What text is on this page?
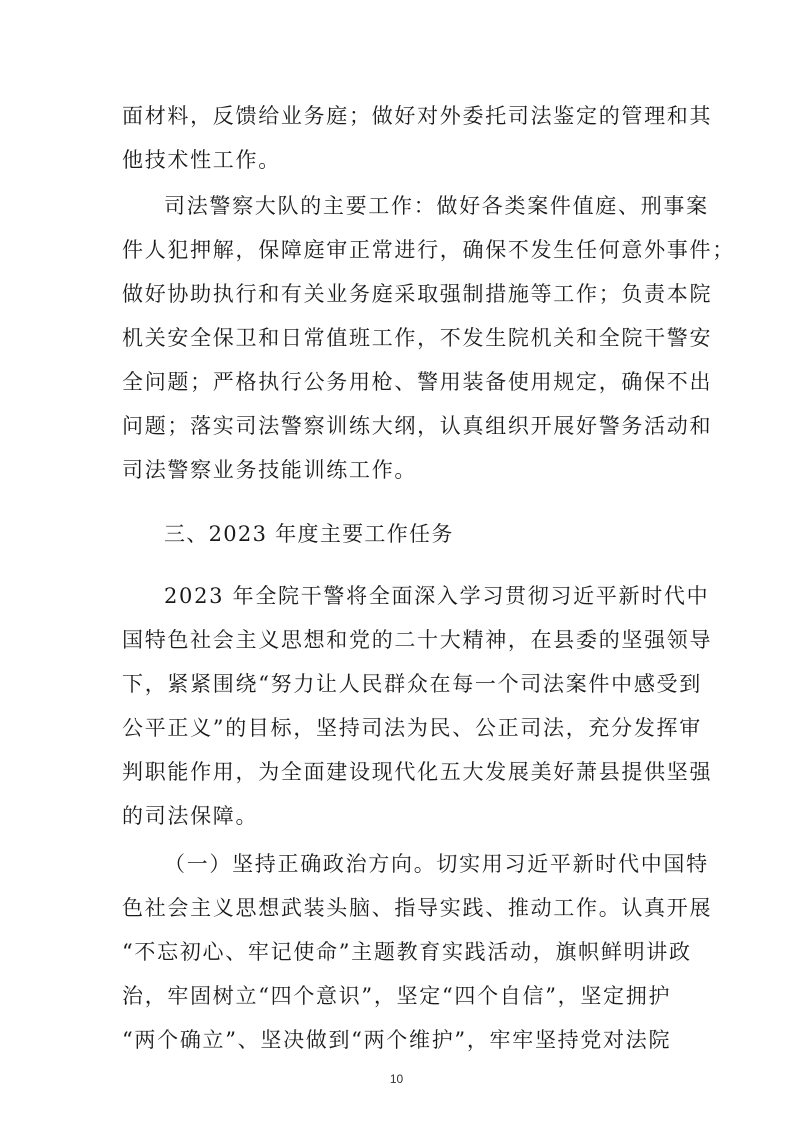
面材料，反馈给业务庭；做好对外委托司法鉴定的管理和其
他技术性工作。
司法警察大队的主要工作：做好各类案件值庭、刑事案
件人犯押解，保障庭审正常进行，确保不发生任何意外事件；
做好协助执行和有关业务庭采取强制措施等工作；负责本院
机关安全保卫和日常值班工作，不发生院机关和全院干警安
全问题；严格执行公务用枪、警用装备使用规定，确保不出
问题；落实司法警察训练大纲，认真组织开展好警务活动和
司法警察业务技能训练工作。
三、2023 年度主要工作任务
2023 年全院干警将全面深入学习贯彻习近平新时代中
国特色社会主义思想和党的二十大精神，在县委的坚强领导
下，紧紧围绕“努力让人民群众在每一个司法案件中感受到
公平正义”的目标，坚持司法为民、公正司法，充分发挥审
判职能作用，为全面建设现代化五大发展美好萧县提供坚强
的司法保障。
（一）坚持正确政治方向。切实用习近平新时代中国特
色社会主义思想武装头脑、指导实践、推动工作。认真开展
“不忘初心、牢记使命”主题教育实践活动，旗帜鲜明讲政
治，牢固树立“四个意识”，坚定“四个自信”，坚定拥护
“两个确立”、坚决做到“两个维护”，牢牢坚持党对法院
10
